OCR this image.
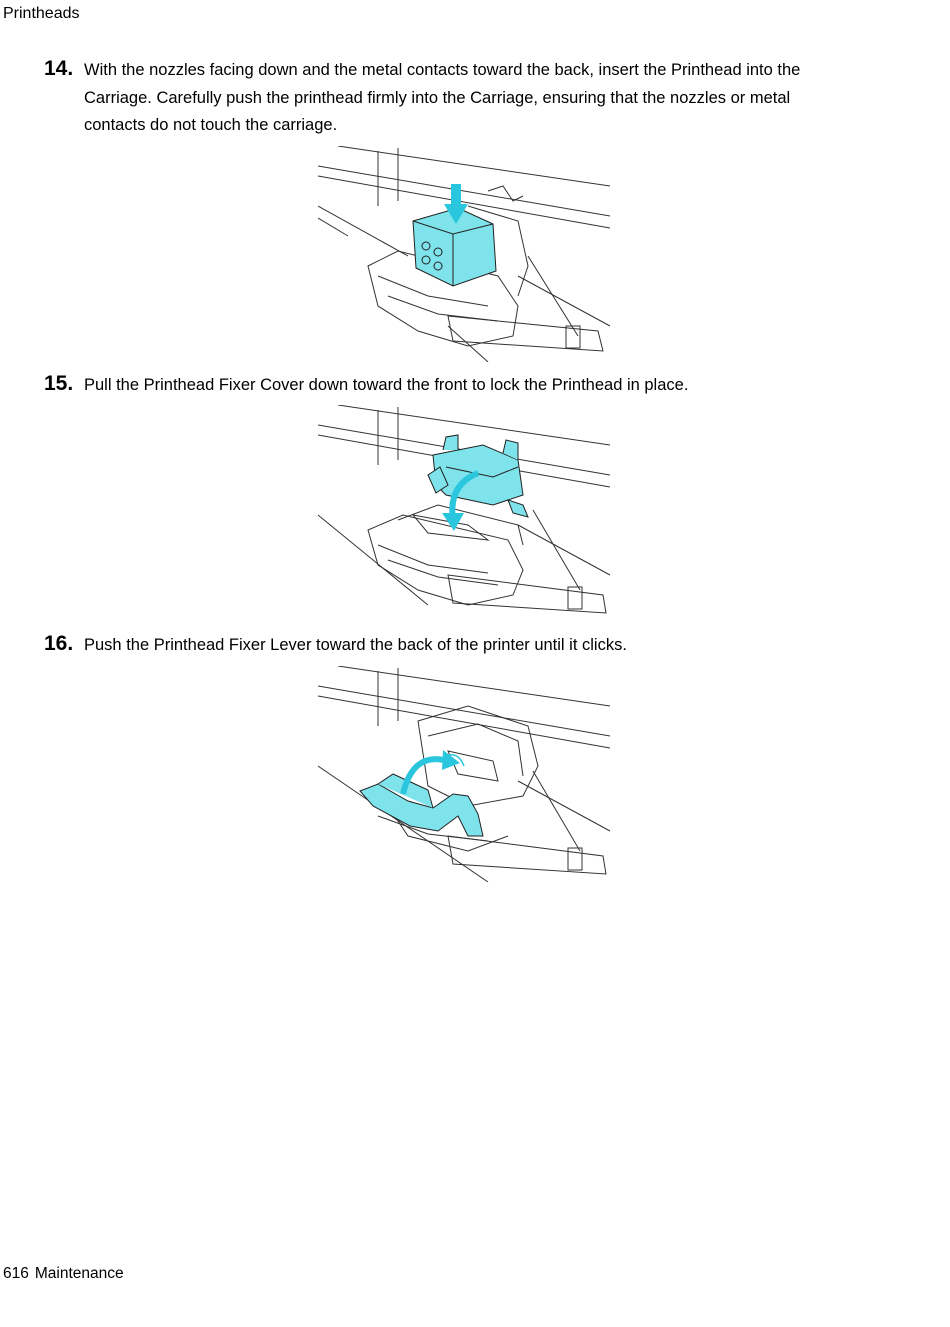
Printheads
14. With the nozzles facing down and the metal contacts toward the back, insert the Printhead into the Carriage. Carefully push the printhead firmly into the Carriage, ensuring that the nozzles or metal contacts do not touch the carriage.
15. Pull the Printhead Fixer Cover down toward the front to lock the Printhead in place.
16. Push the Printhead Fixer Lever toward the back of the printer until it clicks.
616 Maintenance
